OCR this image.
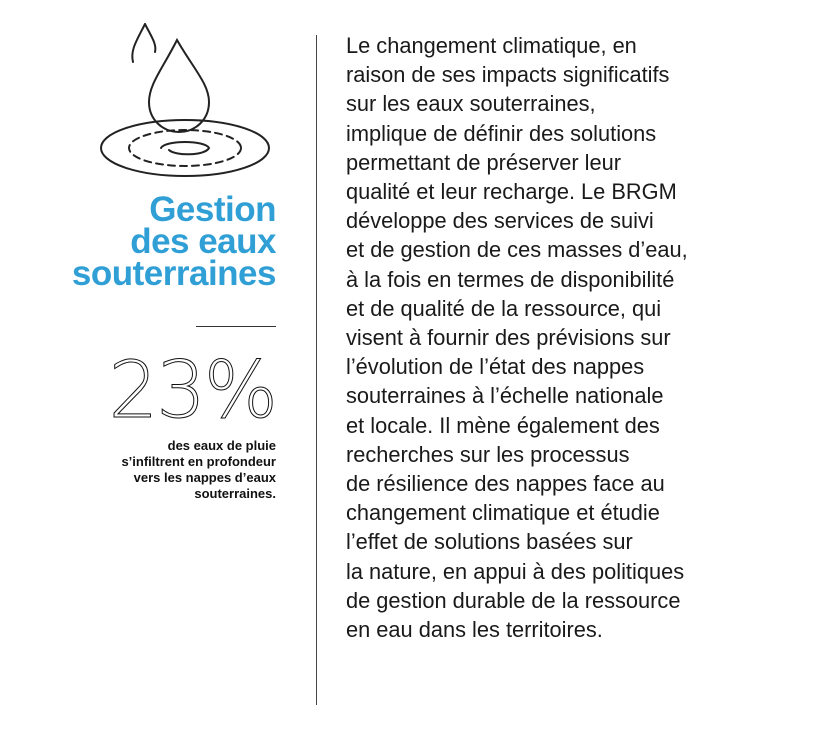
Gestion
des eaux
souterraines
23%
des eaux de pluie
s’infiltrent en profondeur
vers les nappes d’eaux
souterraines.
Le changement climatique, en
raison de ses impacts significatifs
sur les eaux souterraines,
implique de définir des solutions
permettant de préserver leur
qualité et leur recharge. Le BRGM
développe des services de suivi
et de gestion de ces masses d’eau,
à la fois en termes de disponibilité
et de qualité de la ressource, qui
visent à fournir des prévisions sur
l’évolution de l’état des nappes
souterraines à l’échelle nationale
et locale. Il mène également des
recherches sur les processus
de résilience des nappes face au
changement climatique et étudie
l’effet de solutions basées sur
la nature, en appui à des politiques
de gestion durable de la ressource
en eau dans les territoires.
